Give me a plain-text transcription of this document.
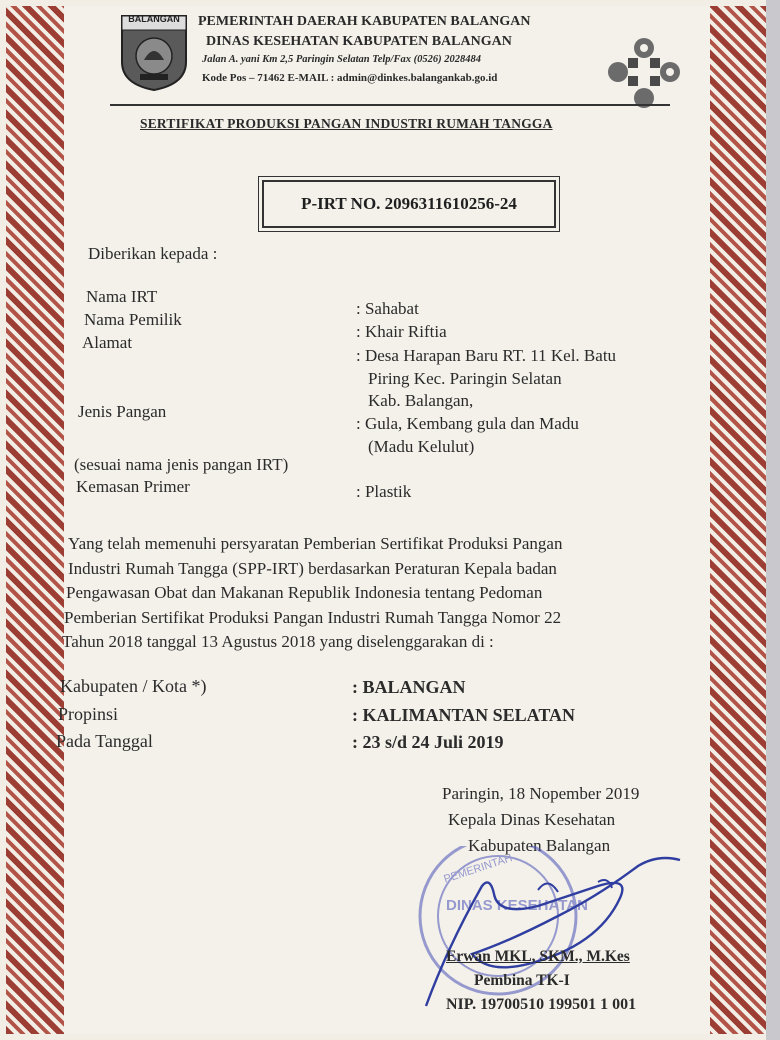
BALANGAN	PEMERINTAH DAERAH KABUPATEN BALANGAN
DINAS KESEHATAN KABUPATEN BALANGAN
Jalan A. yani Km 2,5 Paringin Selatan Telp/Fax (0526) 2028484
Kode Pos – 71462 E-MAIL : admin@dinkes.balangankab.go.id
SERTIFIKAT PRODUKSI PANGAN INDUSTRI RUMAH TANGGA
P-IRT NO. 2096311610256-24
Diberikan kepada :
Nama IRT
: Sahabat
Nama Pemilik
: Khair Riftia
Alamat
: Desa Harapan Baru RT. 11 Kel. Batu
Piring Kec. Paringin Selatan
Kab. Balangan,
Jenis Pangan
: Gula, Kembang gula dan Madu
(Madu Kelulut)
(sesuai nama jenis pangan IRT)
Kemasan Primer	: Plastik
Yang telah memenuhi persyaratan Pemberian Sertifikat Produksi Pangan
Industri Rumah Tangga (SPP-IRT) berdasarkan Peraturan Kepala badan
Pengawasan Obat dan Makanan Republik Indonesia tentang Pedoman
Pemberian Sertifikat Produksi Pangan Industri Rumah Tangga Nomor 22
Tahun 2018 tanggal 13 Agustus 2018 yang diselenggarakan di :
Kabupaten / Kota *)	: BALANGAN
Propinsi	: KALIMANTAN SELATAN
Pada Tanggal	: 23 s/d 24 Juli 2019
Paringin, 18 Nopember 2019
Kepala Dinas Kesehatan
Kabupaten Balangan
DINAS KESEHATAN
PEMERINTAH
Erwan MKL, SKM., M.Kes
Pembina TK-I
NIP. 19700510 199501 1 001
